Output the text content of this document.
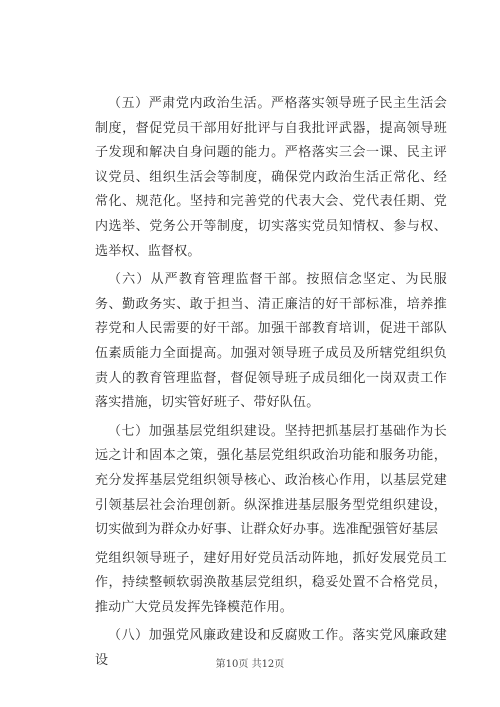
（五）严肃党内政治生活。严格落实领导班子民主生活会制度，督促党员干部用好批评与自我批评武器，提高领导班子发现和解决自身问题的能力。严格落实三会一课、民主评议党员、组织生活会等制度，确保党内政治生活正常化、经常化、规范化。坚持和完善党的代表大会、党代表任期、党内选举、党务公开等制度，切实落实党员知情权、参与权、选举权、监督权。

（六）从严教育管理监督干部。按照信念坚定、为民服务、勤政务实、敢于担当、清正廉洁的好干部标准，培养推荐党和人民需要的好干部。加强干部教育培训，促进干部队伍素质能力全面提高。加强对领导班子成员及所辖党组织负责人的教育管理监督，督促领导班子成员细化一岗双责工作落实措施，切实管好班子、带好队伍。

（七）加强基层党组织建设。坚持把抓基层打基础作为长远之计和固本之策，强化基层党组织政治功能和服务功能，充分发挥基层党组织领导核心、政治核心作用，以基层党建引领基层社会治理创新。纵深推进基层服务型党组织建设，切实做到为群众办好事、让群众好办事。选准配强管好基层

党组织领导班子，建好用好党员活动阵地，抓好发展党员工作，持续整顿软弱涣散基层党组织，稳妥处置不合格党员，推动广大党员发挥先锋模范作用。

（八）加强党风廉政建设和反腐败工作。落实党风廉政建设	第10页 共12页
